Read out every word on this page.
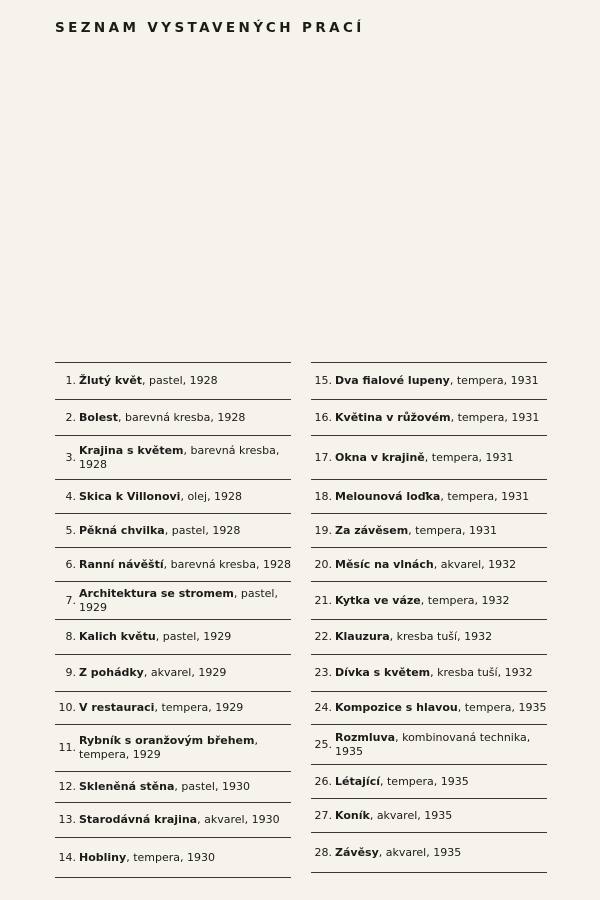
SEZNAM VYSTAVENÝCH PRACÍ
1. Žlutý květ, pastel, 1928
2. Bolest, barevná kresba, 1928
3.
Krajina s květem, barevná kresba, 1928
4. Skica k Villonovi, olej, 1928
5. Pěkná chvilka, pastel, 1928
6. Ranní návěští, barevná kresba, 1928
7.
Architektura se stromem, pastel, 1929
8. Kalich květu, pastel, 1929
9. Z pohádky, akvarel, 1929
10. V restauraci, tempera, 1929
11.
Rybník s oranžovým břehem, tempera, 1929
12. Skleněná stěna, pastel, 1930
13. Starodávná krajina, akvarel, 1930
14. Hobliny, tempera, 1930
15. Dva fialové lupeny, tempera, 1931
16. Květina v růžovém, tempera, 1931
17. Okna v krajině, tempera, 1931
18. Melounová loďka, tempera, 1931
19. Za závěsem, tempera, 1931
20. Měsíc na vlnách, akvarel, 1932
21. Kytka ve váze, tempera, 1932
22. Klauzura, kresba tuší, 1932
23. Dívka s květem, kresba tuší, 1932
24. Kompozice s hlavou, tempera, 1935
25.
Rozmluva, kombinovaná technika, 1935
26. Létající, tempera, 1935
27. Koník, akvarel, 1935
28. Závěsy, akvarel, 1935
